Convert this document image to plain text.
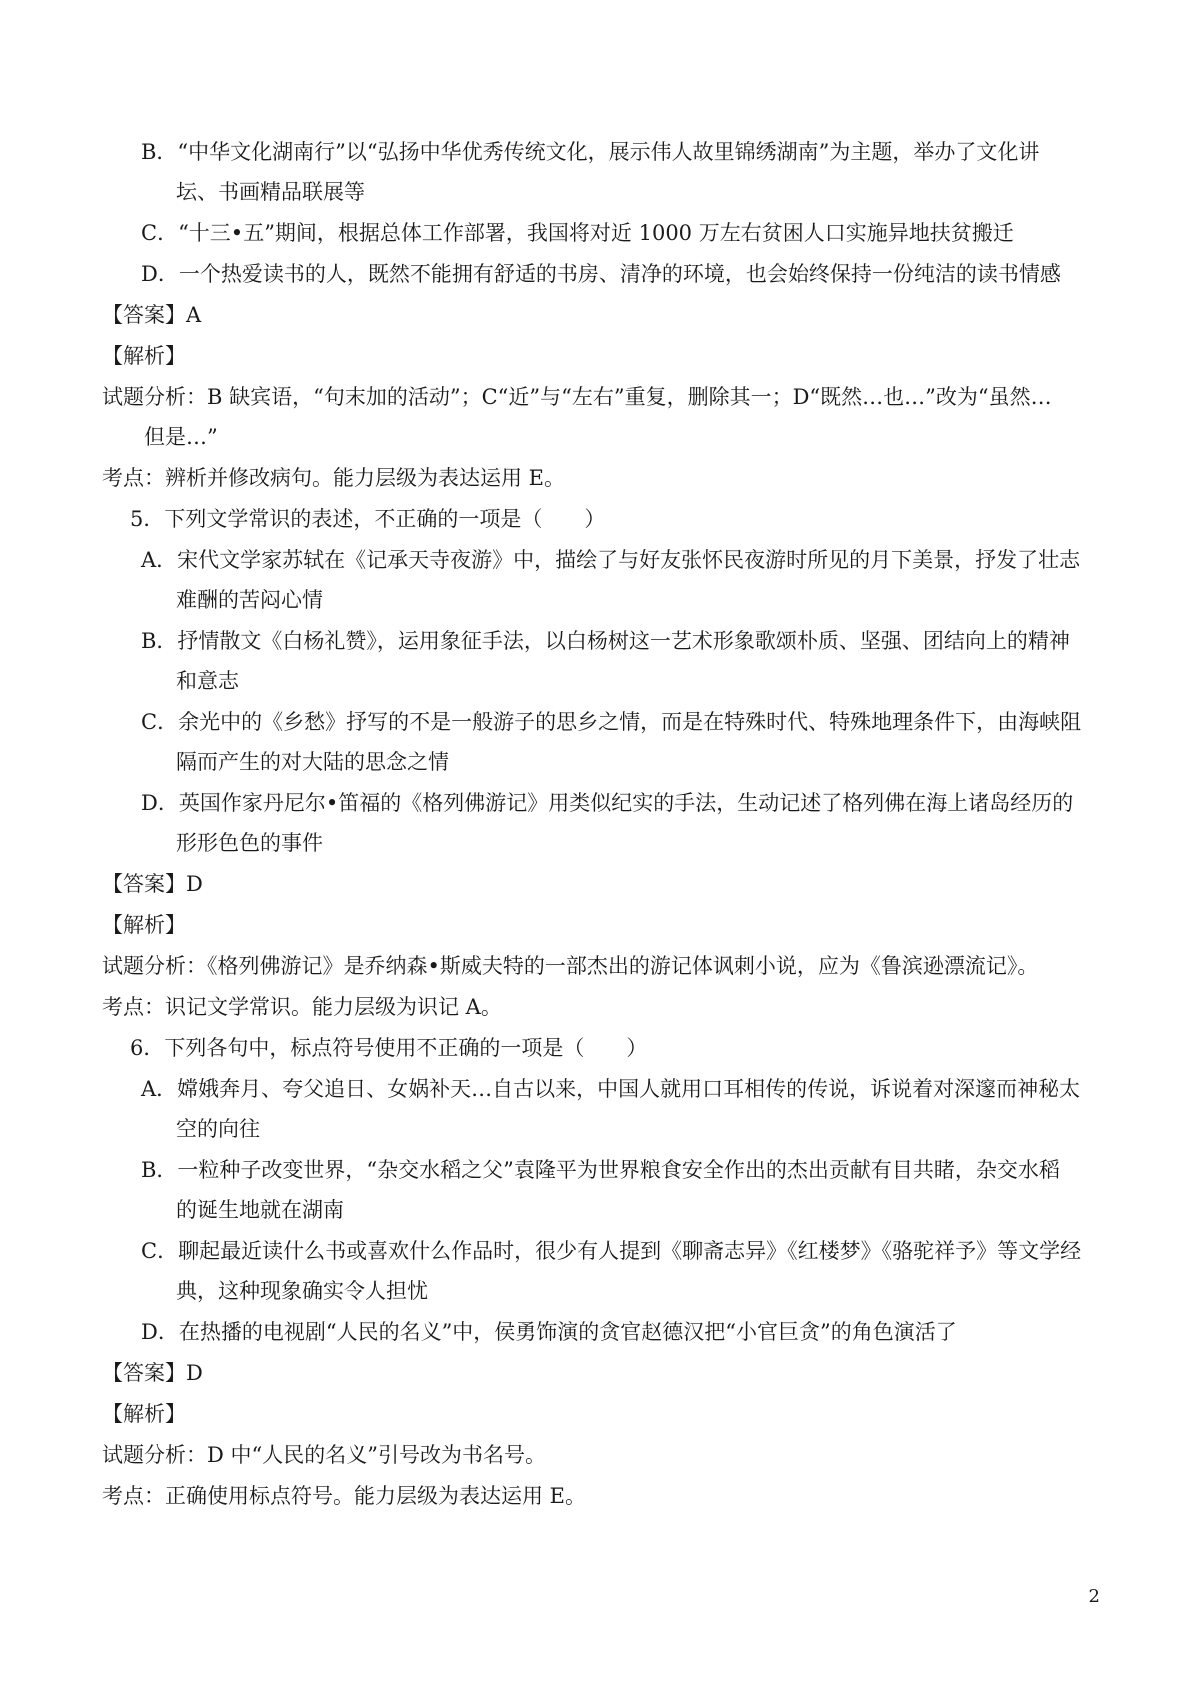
B．“中华文化湖南行”以“弘扬中华优秀传统文化，展示伟人故里锦绣湖南”为主题，举办了文化讲
坛、书画精品联展等
C．“十三•五”期间，根据总体工作部署，我国将对近 1000 万左右贫困人口实施异地扶贫搬迁
D．一个热爱读书的人，既然不能拥有舒适的书房、清净的环境，也会始终保持一份纯洁的读书情感
【答案】A
【解析】
试题分析：B 缺宾语，“句末加的活动”；C“近”与“左右”重复，删除其一；D“既然…也…”改为“虽然…
但是…”
考点：辨析并修改病句。能力层级为表达运用 E。
5．下列文学常识的表述，不正确的一项是（　　）
A．宋代文学家苏轼在《记承天寺夜游》中，描绘了与好友张怀民夜游时所见的月下美景，抒发了壮志
难酬的苦闷心情
B．抒情散文《白杨礼赞》，运用象征手法，以白杨树这一艺术形象歌颂朴质、坚强、团结向上的精神
和意志
C．余光中的《乡愁》抒写的不是一般游子的思乡之情，而是在特殊时代、特殊地理条件下，由海峡阻
隔而产生的对大陆的思念之情
D．英国作家丹尼尔•笛福的《格列佛游记》用类似纪实的手法，生动记述了格列佛在海上诸岛经历的
形形色色的事件
【答案】D
【解析】
试题分析：《格列佛游记》是乔纳森•斯威夫特的一部杰出的游记体讽刺小说，应为《鲁滨逊漂流记》。
考点：识记文学常识。能力层级为识记 A。
6．下列各句中，标点符号使用不正确的一项是（　　）
A．嫦娥奔月、夸父追日、女娲补天…自古以来，中国人就用口耳相传的传说，诉说着对深邃而神秘太
空的向往
B．一粒种子改变世界，“杂交水稻之父”袁隆平为世界粮食安全作出的杰出贡献有目共睹，杂交水稻
的诞生地就在湖南
C．聊起最近读什么书或喜欢什么作品时，很少有人提到《聊斋志异》《红楼梦》《骆驼祥予》等文学经
典，这种现象确实令人担忧
D．在热播的电视剧“人民的名义”中，侯勇饰演的贪官赵德汉把“小官巨贪”的角色演活了
【答案】D
【解析】
试题分析：D 中“人民的名义”引号改为书名号。
考点：正确使用标点符号。能力层级为表达运用 E。
2
